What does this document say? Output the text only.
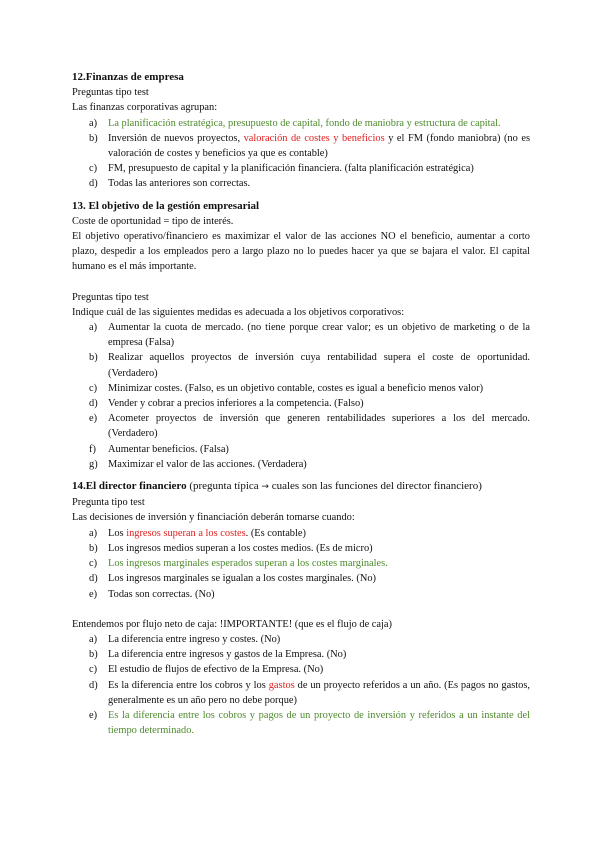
12.Finanzas de empresa

Preguntas tipo test

Las finanzas corporativas agrupan:

a) La planificación estratégica, presupuesto de capital, fondo de maniobra y estructura de capital.
b) Inversión de nuevos proyectos, valoración de costes y beneficios y el FM (fondo maniobra) (no es valoración de costes y beneficios ya que es contable)
c) FM, presupuesto de capital y la planificación financiera. (falta planificación estratégica)
d) Todas las anteriores son correctas.

13. El objetivo de la gestión empresarial

Coste de oportunidad = tipo de interés.

El objetivo operativo/financiero es maximizar el valor de las acciones NO el beneficio, aumentar a corto plazo, despedir a los empleados pero a largo plazo no lo puedes hacer ya que se bajara el valor. El capital humano es el más importante.

Preguntas tipo test

Indique cuál de las siguientes medidas es adecuada a los objetivos corporativos:

a) Aumentar la cuota de mercado. (no tiene porque crear valor; es un objetivo de marketing o de la empresa (Falsa)
b) Realizar aquellos proyectos de inversión cuya rentabilidad supera el coste de oportunidad. (Verdadero)
c) Minimizar costes. (Falso, es un objetivo contable, costes es igual a beneficio menos valor)
d) Vender y cobrar a precios inferiores a la competencia. (Falso)
e) Acometer proyectos de inversión que generen rentabilidades superiores a los del mercado. (Verdadero)
f) Aumentar beneficios. (Falsa)
g) Maximizar el valor de las acciones. (Verdadera)

14.El director financiero (pregunta típica → cuales son las funciones del director financiero)

Pregunta tipo test

Las decisiones de inversión y financiación deberán tomarse cuando:

a) Los ingresos superan a los costes. (Es contable)
b) Los ingresos medios superan a los costes medios. (Es de micro)
c) Los ingresos marginales esperados superan a los costes marginales.
d) Los ingresos marginales se igualan a los costes marginales. (No)
e) Todas son correctas. (No)

Entendemos por flujo neto de caja: !IMPORTANTE! (que es el flujo de caja)

a) La diferencia entre ingreso y costes. (No)
b) La diferencia entre ingresos y gastos de la Empresa. (No)
c) El estudio de flujos de efectivo de la Empresa. (No)
d) Es la diferencia entre los cobros y los gastos de un proyecto referidos a un año. (Es pagos no gastos, generalmente es un año pero no debe porque)
e) Es la diferencia entre los cobros y pagos de un proyecto de inversión y referidos a un instante del tiempo determinado.
